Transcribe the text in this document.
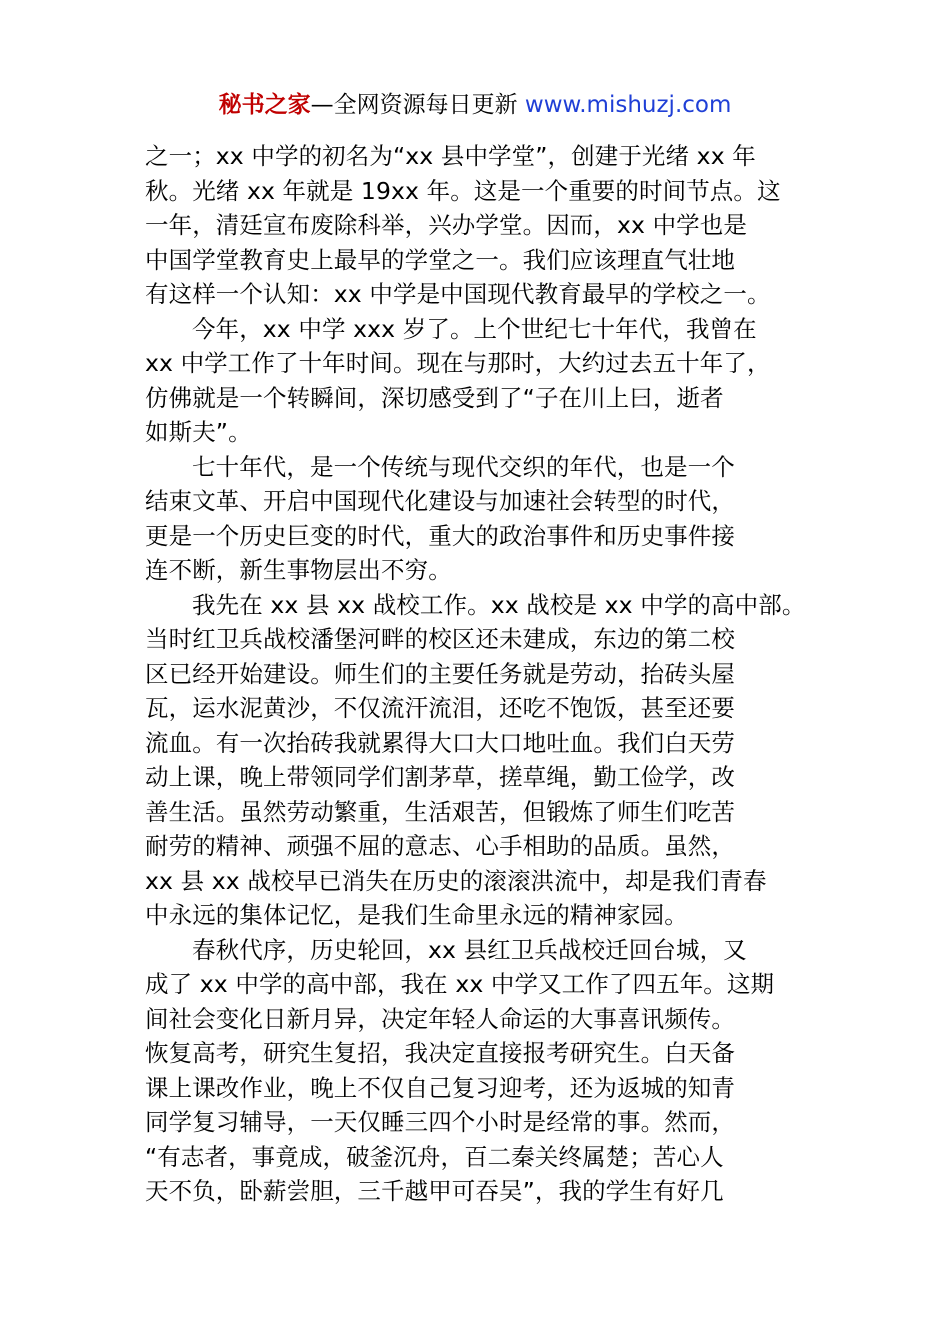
秘书之家—全网资源每日更新 www.mishuzj.com
之一；xx 中学的初名为“xx 县中学堂”，创建于光绪 xx 年
秋。光绪 xx 年就是 19xx 年。这是一个重要的时间节点。这
一年，清廷宣布废除科举，兴办学堂。因而，xx 中学也是
中国学堂教育史上最早的学堂之一。我们应该理直气壮地
有这样一个认知：xx 中学是中国现代教育最早的学校之一。
今年，xx 中学 xxx 岁了。上个世纪七十年代，我曾在
xx 中学工作了十年时间。现在与那时，大约过去五十年了，
仿佛就是一个转瞬间，深切感受到了“子在川上曰，逝者
如斯夫”。
七十年代，是一个传统与现代交织的年代，也是一个
结束文革、开启中国现代化建设与加速社会转型的时代，
更是一个历史巨变的时代，重大的政治事件和历史事件接
连不断，新生事物层出不穷。
我先在 xx 县 xx 战校工作。xx 战校是 xx 中学的高中部。
当时红卫兵战校潘堡河畔的校区还未建成，东边的第二校
区已经开始建设。师生们的主要任务就是劳动，抬砖头屋
瓦，运水泥黄沙，不仅流汗流泪，还吃不饱饭，甚至还要
流血。有一次抬砖我就累得大口大口地吐血。我们白天劳
动上课，晚上带领同学们割茅草，搓草绳，勤工俭学，改
善生活。虽然劳动繁重，生活艰苦，但锻炼了师生们吃苦
耐劳的精神、顽强不屈的意志、心手相助的品质。虽然，
xx 县 xx 战校早已消失在历史的滚滚洪流中，却是我们青春
中永远的集体记忆，是我们生命里永远的精神家园。
春秋代序，历史轮回，xx 县红卫兵战校迁回台城，又
成了 xx 中学的高中部，我在 xx 中学又工作了四五年。这期
间社会变化日新月异，决定年轻人命运的大事喜讯频传。
恢复高考，研究生复招，我决定直接报考研究生。白天备
课上课改作业，晚上不仅自己复习迎考，还为返城的知青
同学复习辅导，一天仅睡三四个小时是经常的事。然而，
“有志者，事竟成，破釜沉舟，百二秦关终属楚；苦心人
天不负，卧薪尝胆，三千越甲可吞吴”，我的学生有好几
